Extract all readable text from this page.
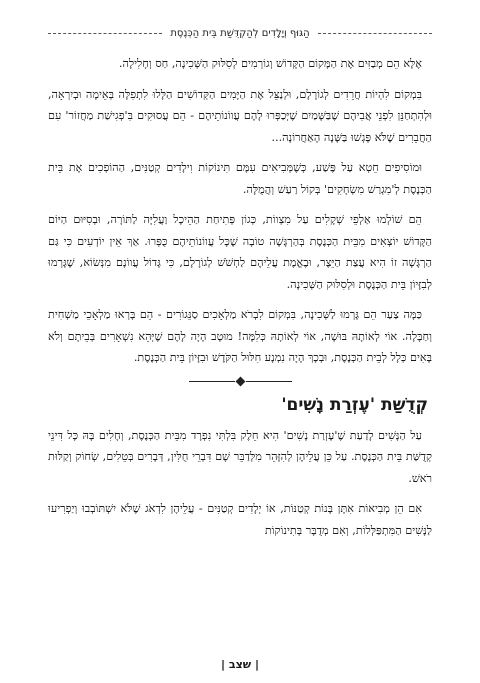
הַגּוּף וְיָלָדִים לְהַקְדֻּשַׁת בֵּית הַכְּנֶסֶת

אֶלָּא הֵם מְבַזִּים אֶת הַמָּקוֹם הַקָּדוֹשׁ וְגוֹרְמִים לְסִלּוּק הַשְּׁכִינָה, חַס וְחָלִילָה.

בִּמְקוֹם לִהְיוֹת חֲרֵדִים לְגוֹרָלָם, וּלְנַצֵּל אֶת הַיָּמִים הַקְּדוֹשִׁים הַלָּלוּ לִתְפִלָּה בְּאֵימָה וּבְיִרְאָה, וּלְהִתְחַנֵּן לִפְנֵי אֲבִיהֶם שֶׁבַּשָּׁמַיִם שֶׁיְּכַפְּרוּ לָהֶם עֲווֹנוֹתֵיהֶם - הֵם עֲסוּקִים בִּ'פְגִישַׁת מַחֲזוֹר' עִם הַחֲבֵרִים שֶׁלֹּא פָּגְשׁוּ בַּשָּׁנָה הָאַחֲרוֹנָה...

וּמוֹסִיפִים חֵטְא עַל פֶּשַׁע, כְּשֶׁמְּבִיאִים עִמָּם תִּינוֹקוֹת וִילָדִים קְטַנִּים, הַהוֹפְכִים אֶת בֵּית הַכְּנֶסֶת לְ'מִגְרַשׁ מִשְׂחָקִים' בְּקוֹל רַעַשׁ וְהֲמֻלָּה.

הֵם שׁוֹלְמוּ אַלְפֵי שְׁקָלִים עַל מִצְווֹת, כְּגוֹן פְּתִיחַת הַהֵיכָל וַעֲלִיָּה לַתּוֹרָה, וּבְסִיּוּם הַיּוֹם הַקָּדוֹשׁ יוֹצְאִים מִבֵּית הַכְּנֶסֶת בְּהַרְגָּשָׁה טוֹבָה שֶׁכָּל עֲווֹנוֹתֵיהֶם כֻּפְּרוּ. אַךְ אֵין יוֹדְעִים כִּי גַּם הַרְגָּשָׁה זוֹ הִיא עֲצַת הַיֵּצֶר, וּבֶאֱמֶת עֲלֵיהֶם לַחְשֹׁשׁ לְגוֹרָלָם, כִּי גָּדוֹל עֲווֹנָם מִנְּשׂוֹא, שֶׁגָּרְמוּ לְבִזָּיוֹן בֵּית הַכְּנֶסֶת וּלְסִלּוּק הַשְּׁכִינָה.

כַּמָּה צַעַר הֵם גָּרְמוּ לַשְּׁכִינָה, בִּמְקוֹם לִבְרֹא מַלְאָכִים סַנֵּגוֹרִים - הֵם בָּרְאוּ מַלְאָכֵי מַשְׁחִית וְחַבָּלָה. אוֹי לְאוֹתָהּ בּוּשָׁה, אוֹי לְאוֹתָהּ כְּלִמָּה! מוּטָב הָיָה לָהֶם שֶׁיְּהֵא נִשְׁאָרִים בְּבֵיתָם וְלֹא בָּאִים כְּלָל לְבֵית הַכְּנֶסֶת, וּבְכָךְ הָיָה נִמְנָע חִלּוּל הַקֹּדֶשׁ וּבִזָּיוֹן בֵּית הַכְּנֶסֶת.

קְדֻשַּׁת 'עֶזְרַת נָשִׁים'

עַל הַנָּשִׁים לָדַעַת שֶׁ'עֶזְרַת נָשִׁים' הִיא חֵלֶק בִּלְתִּי נִפְרָד מִבֵּית הַכְּנֶסֶת, וְחָלִים בָּהּ כָּל דִּינֵי קְדֻשַּׁת בֵּית הַכְּנֶסֶת. עַל כֵּן עֲלֵיהֶן לְהִזָּהֵר מִלְּדַבֵּר שָׁם דִּבְרֵי חֻלִּין, דְּבָרִים בְּטֵלִים, שְׂחוֹק וְקַלּוּת רֹאשׁ.

אִם הֵן מְבִיאוֹת אִתָּן בָּנוֹת קְטַנּוֹת, אוֹ יְלָדִים קְטַנִּים - עֲלֵיהֶן לִדְאֹג שֶׁלֹּא יִשְׁתּוֹבְבוּ וְיַפְרִיעוּ לַנָּשִׁים הַמִּתְפַּלְּלוֹת, וְאִם מְדֻבָּר בְּתִינוֹקוֹת

| שצב |
